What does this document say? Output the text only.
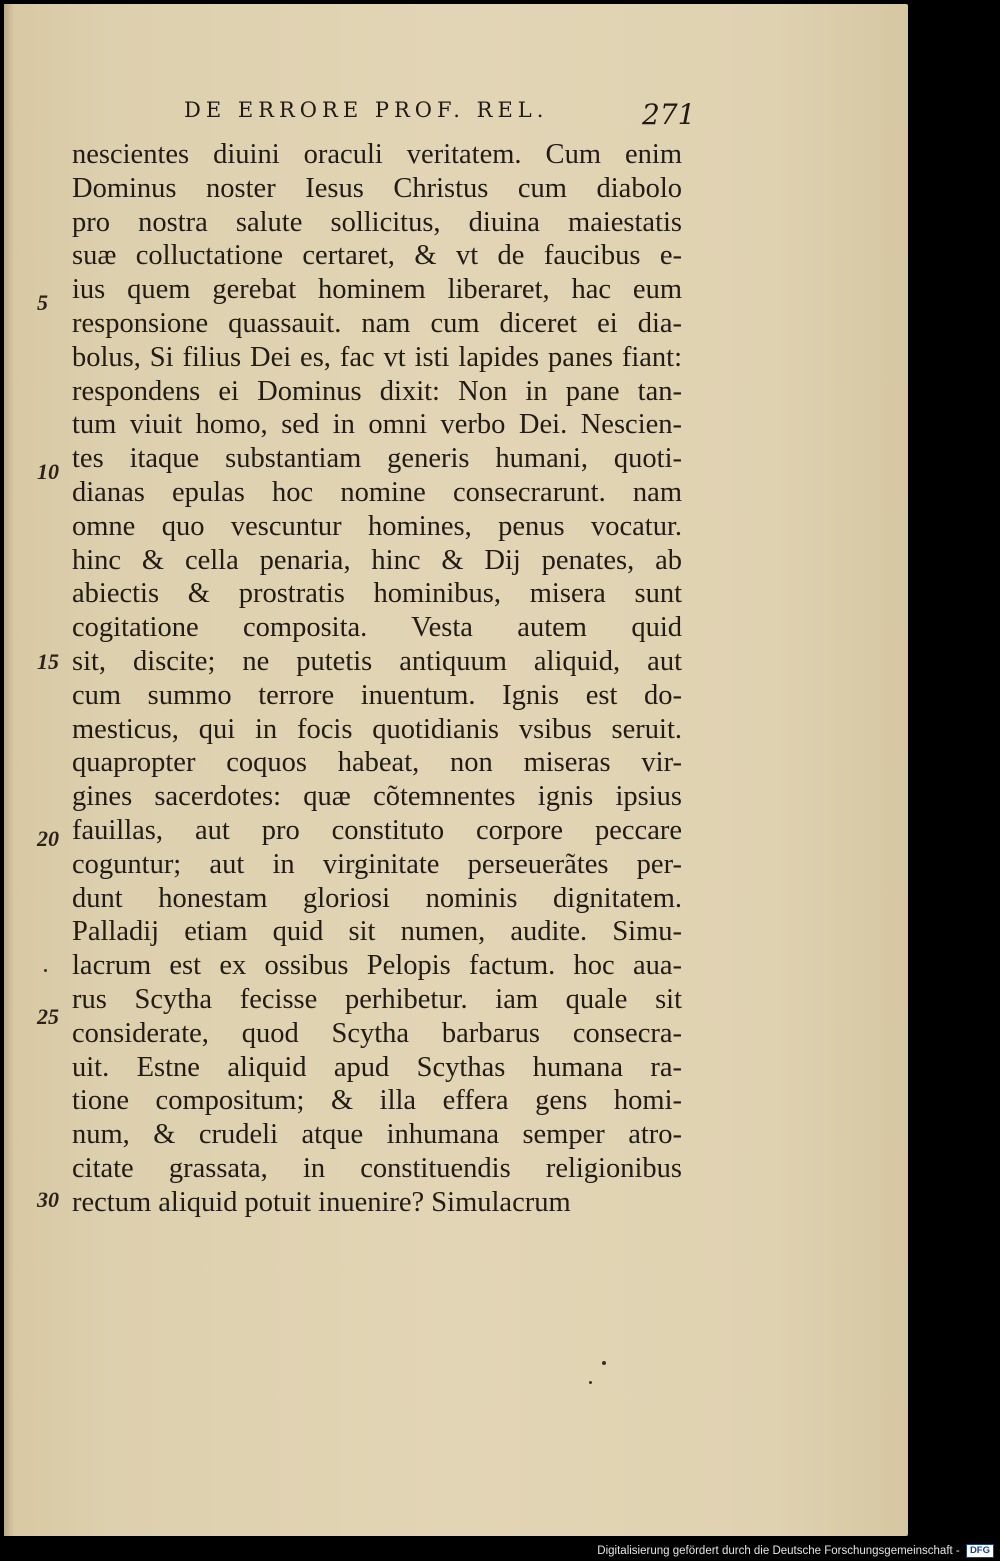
DE ERRORE PROF. REL.	271
nescientes diuini oraculi veritatem. Cum enim
Dominus noster Iesus Christus cum diabolo
pro nostra salute sollicitus, diuina maiestatis
suæ colluctatione certaret, & vt de faucibus e-
ius quem gerebat hominem liberaret, hac eum
responsione quassauit. nam cum diceret ei dia-
bolus, Si filius Dei es, fac vt isti lapides panes fiant:
respondens ei Dominus dixit: Non in pane tan-
tum viuit homo, sed in omni verbo Dei. Nescien-
tes itaque substantiam generis humani, quoti-
dianas epulas hoc nomine consecrarunt. nam
omne quo vescuntur homines, penus vocatur.
hinc & cella penaria, hinc & Dij penates, ab
abiectis & prostratis hominibus, misera sunt
cogitatione composita. Vesta autem quid
sit, discite; ne putetis antiquum aliquid, aut
cum summo terrore inuentum. Ignis est do-
mesticus, qui in focis quotidianis vsibus seruit.
quapropter coquos habeat, non miseras vir-
gines sacerdotes: quæ cõtemnentes ignis ipsius
fauillas, aut pro constituto corpore peccare
coguntur; aut in virginitate perseuerãtes per-
dunt honestam gloriosi nominis dignitatem.
Palladij etiam quid sit numen, audite. Simu-
lacrum est ex ossibus Pelopis factum. hoc aua-
rus Scytha fecisse perhibetur. iam quale sit
considerate, quod Scytha barbarus consecra-
uit. Estne aliquid apud Scythas humana ra-
tione compositum; & illa effera gens homi-
num, & crudeli atque inhumana semper atro-
citate grassata, in constituendis religionibus
rectum aliquid potuit inuenire? Simulacrum
5
10
15
20
25
30
Digitalisierung gefördert durch die Deutsche Forschungsgemeinschaft - DFG
